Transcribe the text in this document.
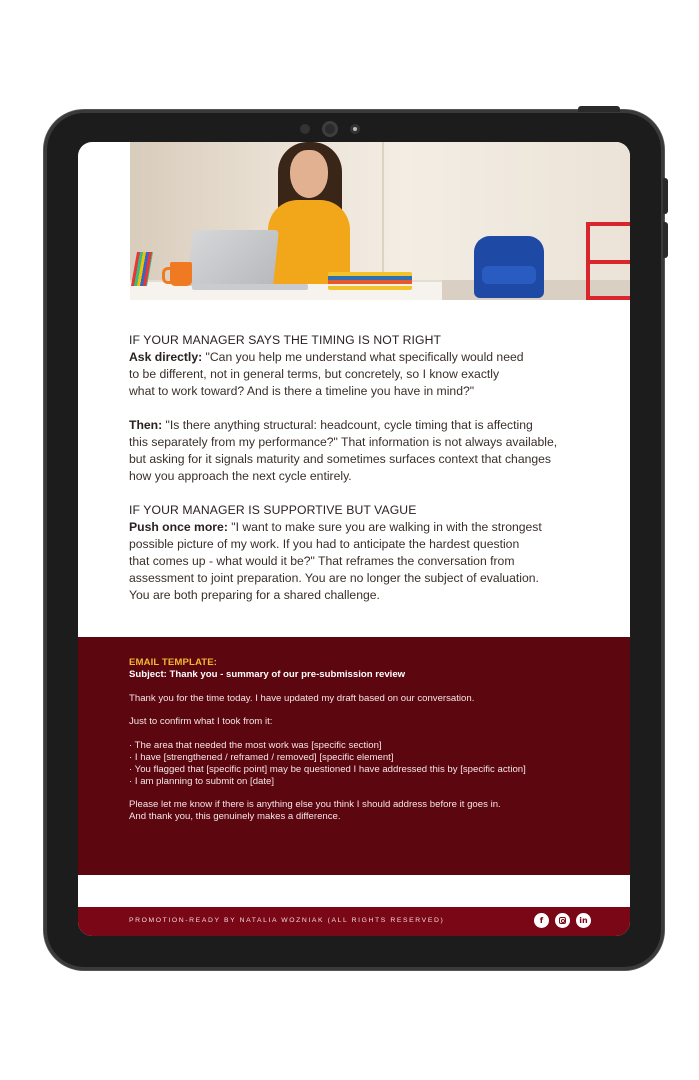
IF YOUR MANAGER SAYS THE TIMING IS NOT RIGHT

Ask directly: "Can you help me understand what specifically would need

to be different, not in general terms, but concretely, so I know exactly

what to work toward? And is there a timeline you have in mind?"

Then: "Is there anything structural: headcount, cycle timing that is affecting

this separately from my performance?" That information is not always available,

but asking for it signals maturity and sometimes surfaces context that changes

how you approach the next cycle entirely.

IF YOUR MANAGER IS SUPPORTIVE BUT VAGUE

Push once more: "I want to make sure you are walking in with the strongest

possible picture of my work. If you had to anticipate the hardest question

that comes up - what would it be?" That reframes the conversation from

assessment to joint preparation. You are no longer the subject of evaluation.

You are both preparing for a shared challenge.

EMAIL TEMPLATE:

Subject: Thank you - summary of our pre-submission review

Thank you for the time today. I have updated my draft based on our conversation.

Just to confirm what I took from it:

· The area that needed the most work was [specific section]

· I have [strengthened / reframed / removed] [specific element]

· You flagged that [specific point] may be questioned I have addressed this by [specific action]

· I am planning to submit on [date]

Please let me know if there is anything else you think I should address before it goes in.

And thank you, this genuinely makes a difference.

PROMOTION-READY BY NATALIA WOZNIAK (ALL RIGHTS RESERVED)	f	in
